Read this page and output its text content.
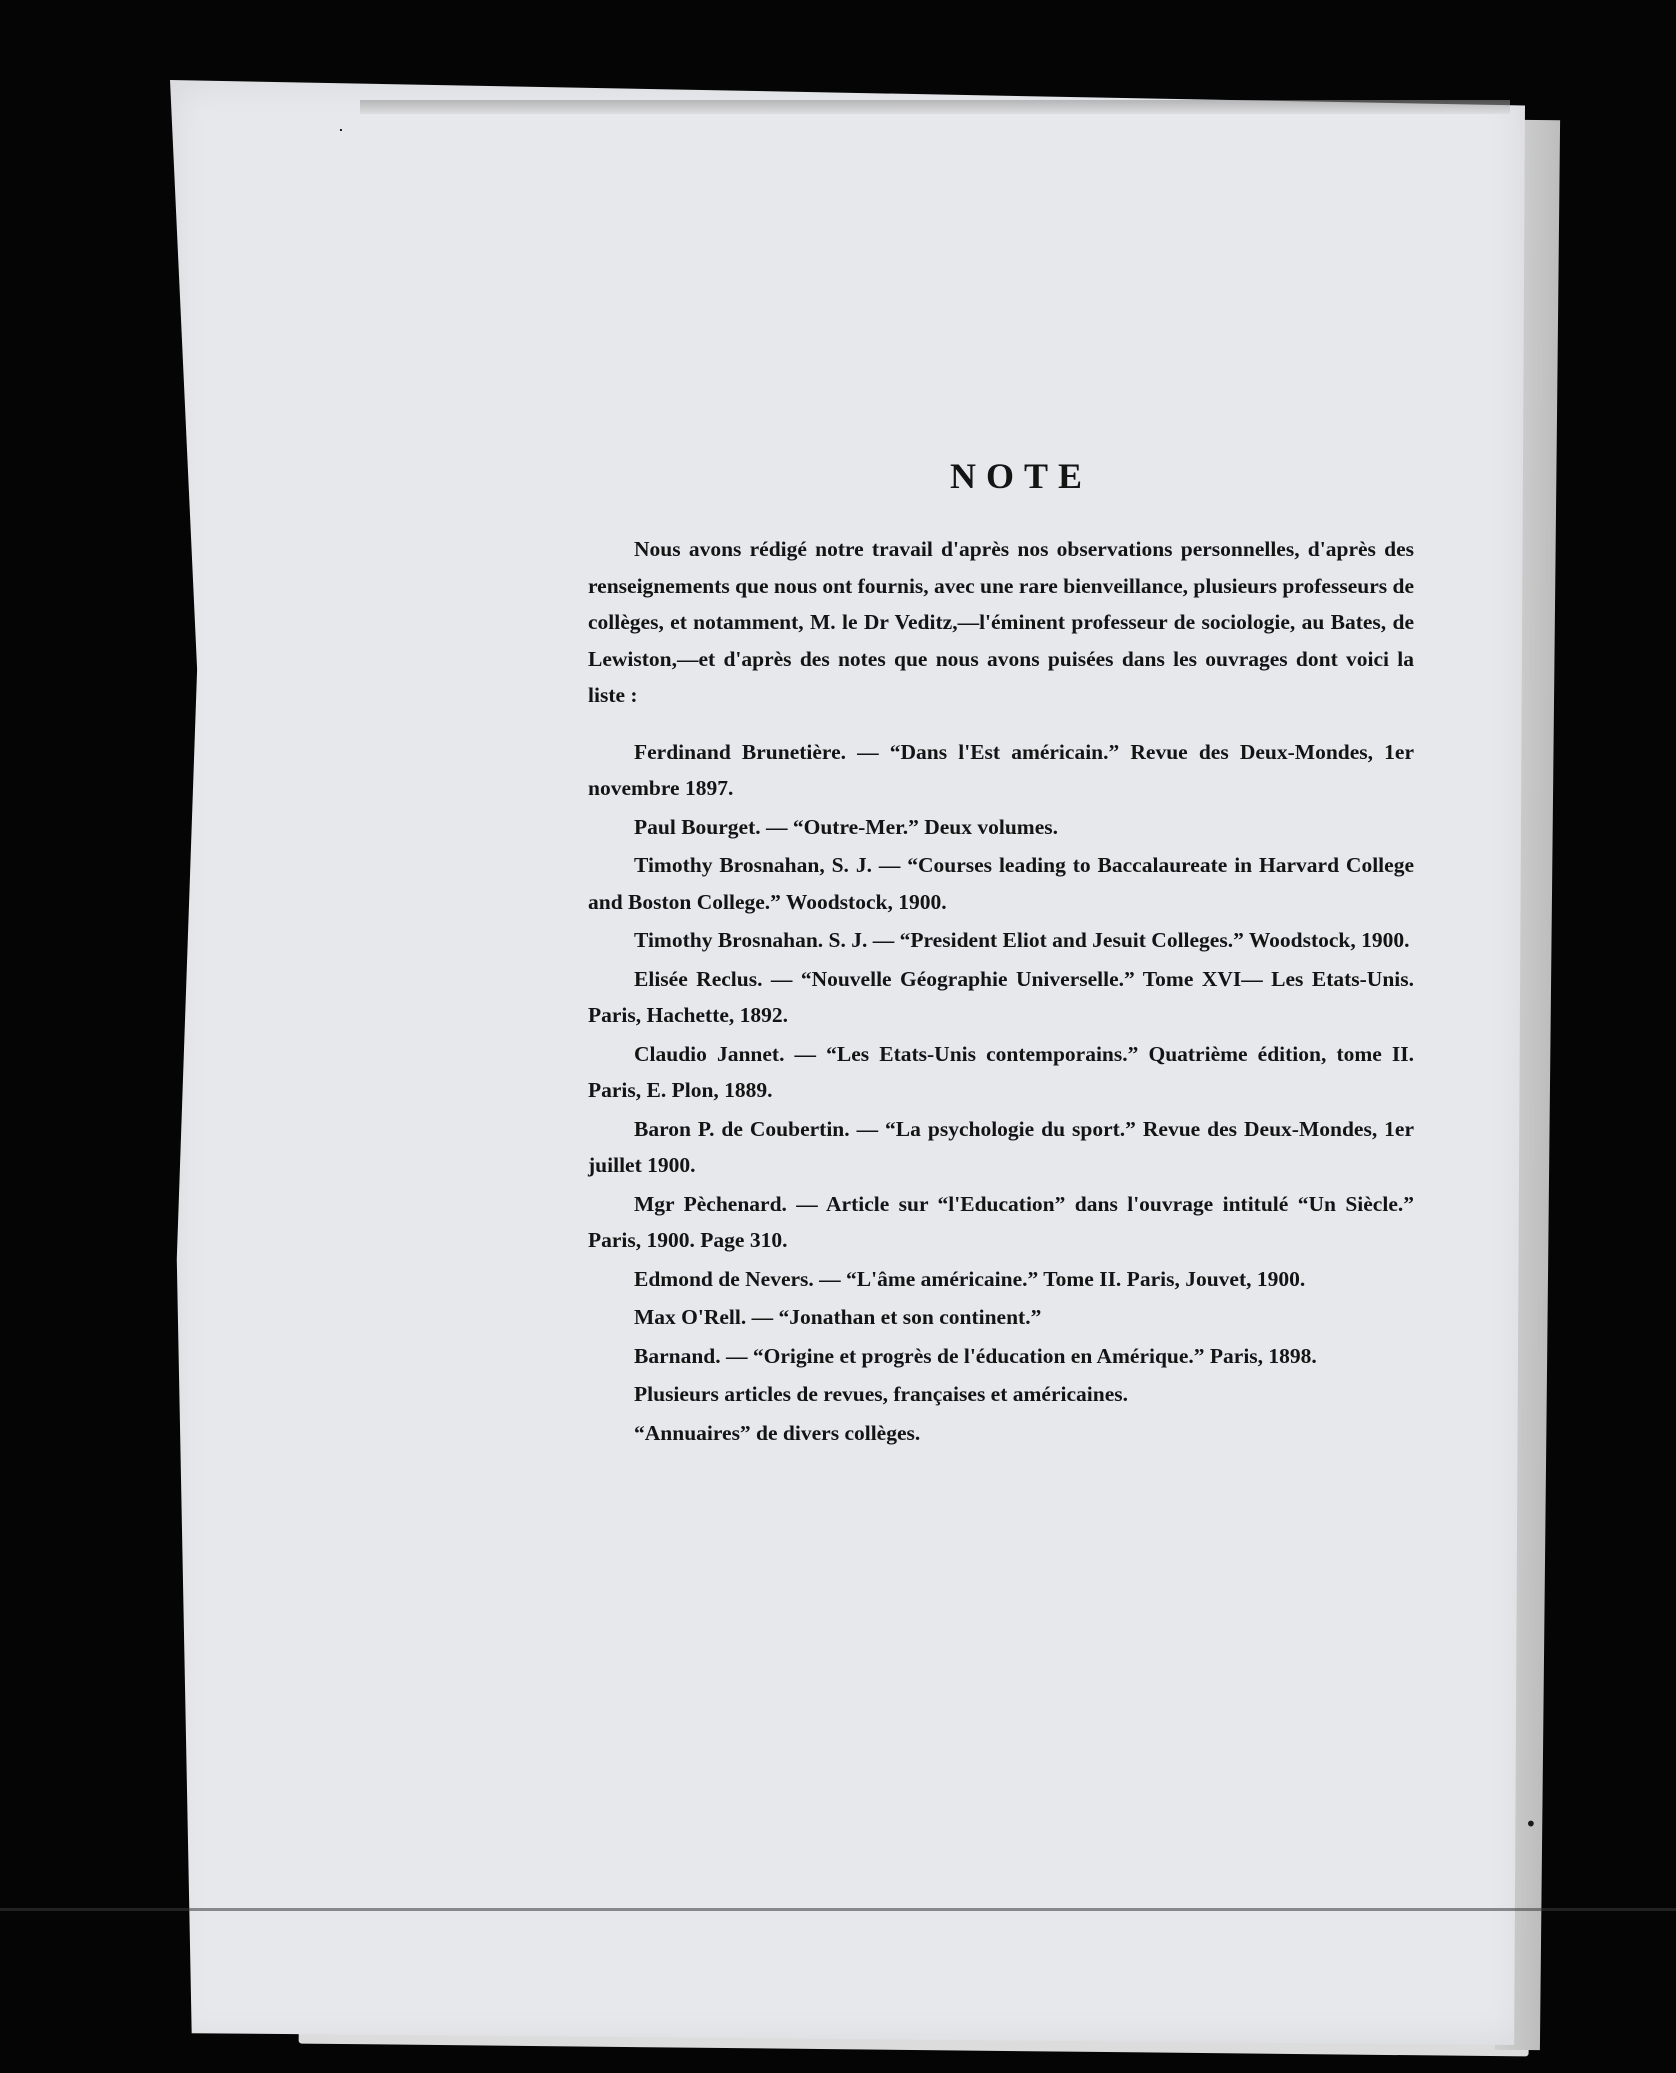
ᐧ
•
NOTE

Nous avons rédigé notre travail d'après nos observations personnelles, d'après des renseignements que nous ont fournis, avec une rare bienveillance, plusieurs professeurs de collèges, et notamment, M. le Dr Veditz,—l'éminent professeur de sociologie, au Bates, de Lewiston,—et d'après des notes que nous avons puisées dans les ouvrages dont voici la liste :

Ferdinand Brunetière. — “Dans l'Est américain.” Revue des Deux-Mondes, 1er novembre 1897.
Paul Bourget. — “Outre-Mer.” Deux volumes.
Timothy Brosnahan, S. J. — “Courses leading to Baccalaureate in Harvard College and Boston College.” Woodstock, 1900.
Timothy Brosnahan. S. J. — “President Eliot and Jesuit Colleges.” Woodstock, 1900.
Elisée Reclus. — “Nouvelle Géographie Universelle.” Tome XVI— Les Etats-Unis. Paris, Hachette, 1892.
Claudio Jannet. — “Les Etats-Unis contemporains.” Quatrième édition, tome II. Paris, E. Plon, 1889.
Baron P. de Coubertin. — “La psychologie du sport.” Revue des Deux-Mondes, 1er juillet 1900.
Mgr Pèchenard. — Article sur “l'Education” dans l'ouvrage intitulé “Un Siècle.” Paris, 1900. Page 310.
Edmond de Nevers. — “L'âme américaine.” Tome II. Paris, Jouvet, 1900.
Max O'Rell. — “Jonathan et son continent.”
Barnand. — “Origine et progrès de l'éducation en Amérique.” Paris, 1898.
Plusieurs articles de revues, françaises et américaines.
“Annuaires” de divers collèges.
